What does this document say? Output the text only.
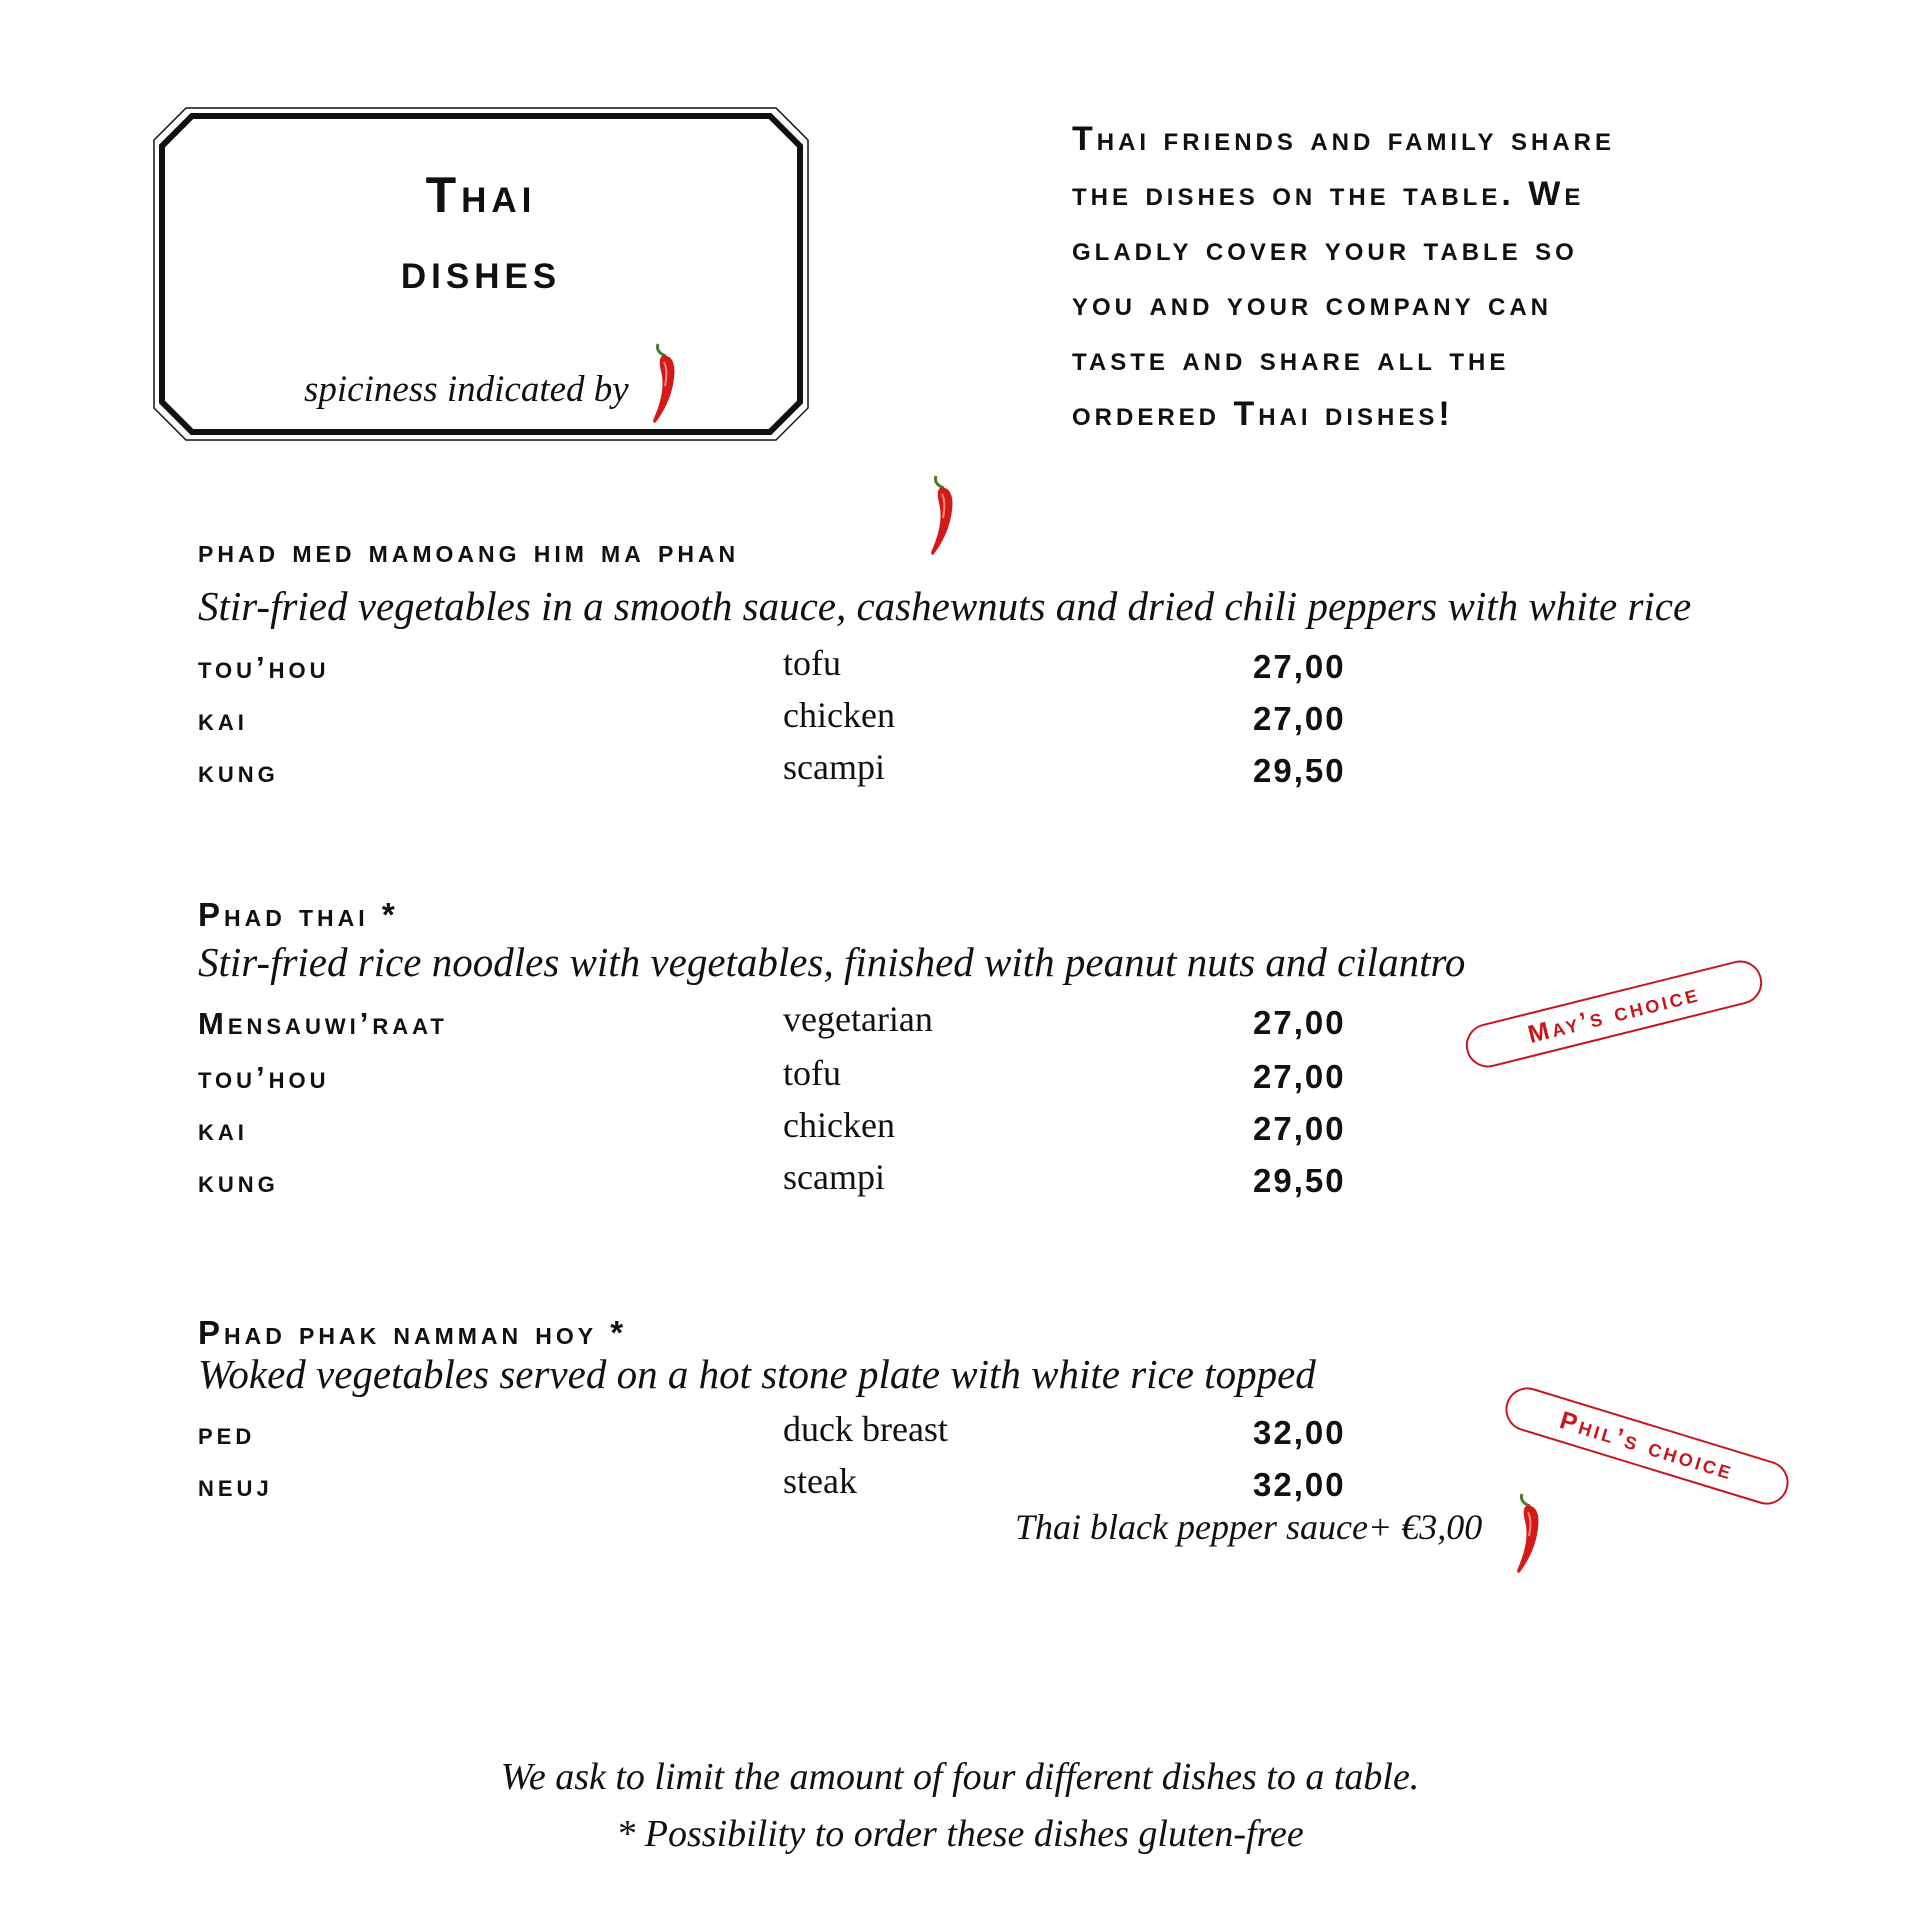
Thai
dishes
spiciness indicated by
Thai friends and family share
the dishes on the table. We
gladly cover your table so
you and your company can
taste and share all the
ordered Thai dishes!
phad med mamoang him ma phan
Stir-fried vegetables in a smooth sauce, cashewnuts and dried chili peppers with white rice
tou’hou	tofu	27,00
kai	chicken	27,00
kung	scampi	29,50
Phad thai *
Stir-fried rice noodles with vegetables, finished with peanut nuts and cilantro
May’s choice
Mensauwi’raat	vegetarian	27,00
tou’hou	tofu	27,00
kai	chicken	27,00
kung	scampi	29,50
Phad phak namman hoy *
Woked vegetables served on a hot stone plate with white rice topped
Phil’s choice
ped	duck breast	32,00
neuj	steak	32,00
Thai black pepper sauce+ €3,00
We ask to limit the amount of four different dishes to a table.
* Possibility to order these dishes gluten-free
